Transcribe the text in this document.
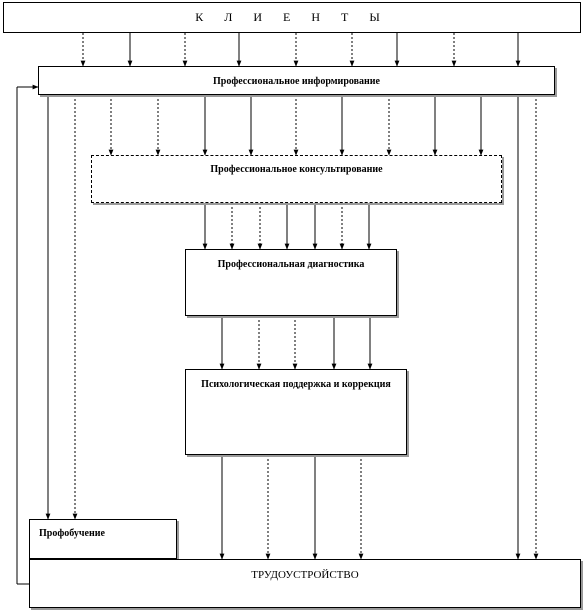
К Л И Е Н Т Ы
Профессиональное информирование
Профессиональное консультирование
Профессиональная диагностика
Психологическая поддержка и коррекция
Профобучение
ТРУДОУСТРОЙСТВО
